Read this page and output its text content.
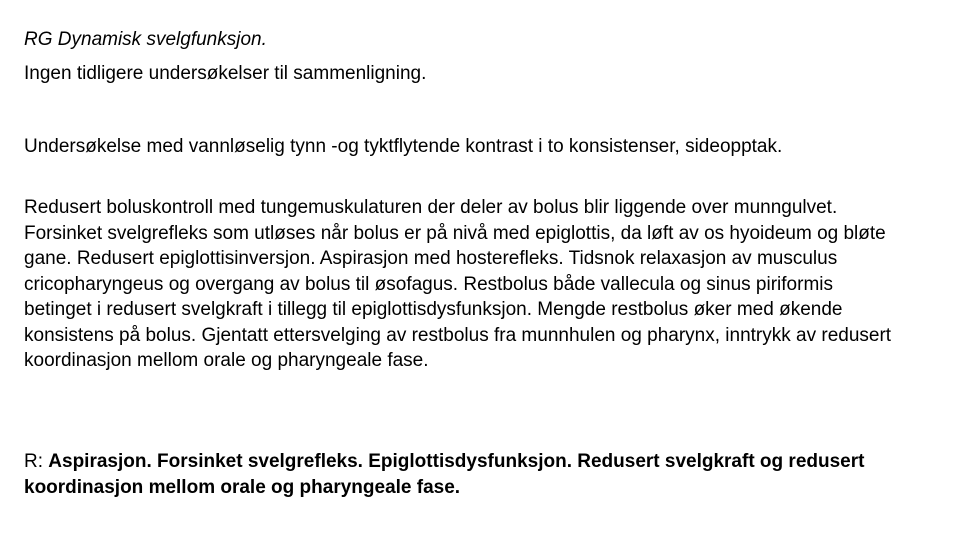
RG Dynamisk svelgfunksjon.
Ingen tidligere undersøkelser til sammenligning.
Undersøkelse med vannløselig tynn -og tyktflytende kontrast i to konsistenser, sideopptak.
Redusert boluskontroll med tungemuskulaturen der deler av bolus blir liggende over munngulvet. Forsinket svelgrefleks som utløses når bolus er på nivå med epiglottis, da løft av os hyoideum og bløte gane. Redusert epiglottisinversjon. Aspirasjon med hosterefleks. Tidsnok relaxasjon av musculus cricopharyngeus og overgang av bolus til øsofagus. Restbolus både vallecula og sinus piriformis betinget i redusert svelgkraft i tillegg til epiglottisdysfunksjon. Mengde restbolus øker med økende konsistens på bolus. Gjentatt ettersvelging av restbolus fra munnhulen og pharynx, inntrykk av redusert koordinasjon mellom orale og pharyngeale fase.
R: Aspirasjon. Forsinket svelgrefleks. Epiglottisdysfunksjon. Redusert svelgkraft og redusert koordinasjon mellom orale og pharyngeale fase.
